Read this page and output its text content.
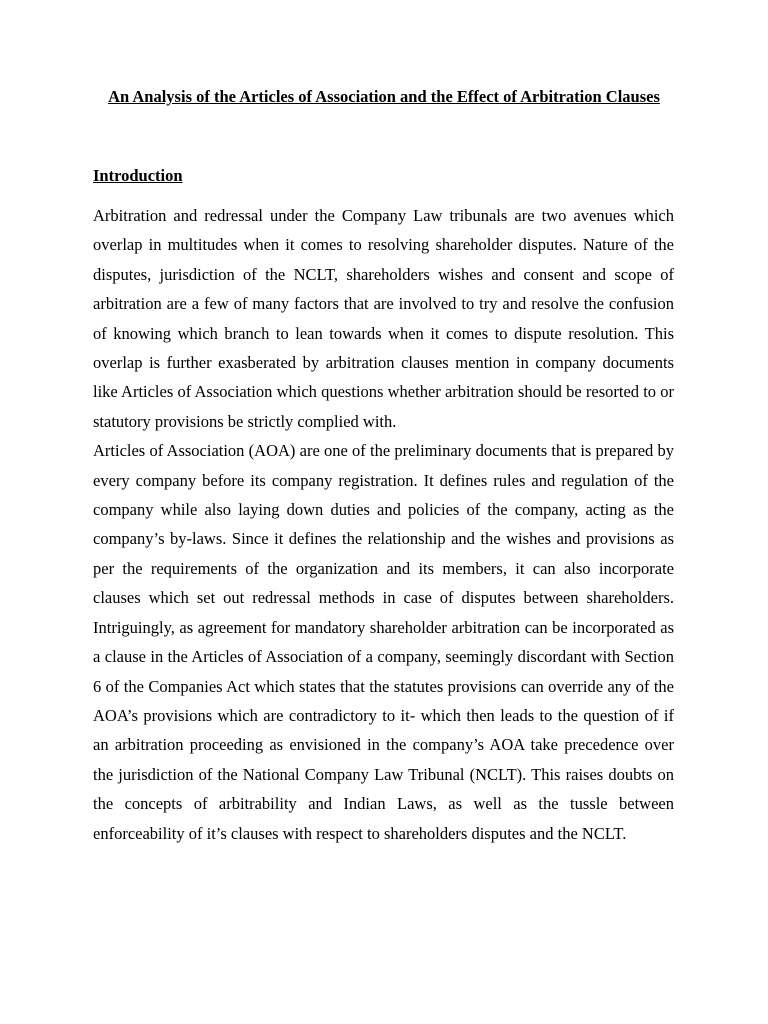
An Analysis of the Articles of Association and the Effect of Arbitration Clauses
Introduction

Arbitration and redressal under the Company Law tribunals are two avenues which overlap in multitudes when it comes to resolving shareholder disputes. Nature of the disputes, jurisdiction of the NCLT, shareholders wishes and consent and scope of arbitration are a few of many factors that are involved to try and resolve the confusion of knowing which branch to lean towards when it comes to dispute resolution. This overlap is further exasberated by arbitration clauses mention in company documents like Articles of Association which questions whether arbitration should be resorted to or statutory provisions be strictly complied with.

Articles of Association (AOA) are one of the preliminary documents that is prepared by every company before its company registration. It defines rules and regulation of the company while also laying down duties and policies of the company, acting as the company’s by-laws. Since it defines the relationship and the wishes and provisions as per the requirements of the organization and its members, it can also incorporate clauses which set out redressal methods in case of disputes between shareholders. Intriguingly, as agreement for mandatory shareholder arbitration can be incorporated as a clause in the Articles of Association of a company, seemingly discordant with Section 6 of the Companies Act which states that the statutes provisions can override any of the AOA’s provisions which are contradictory to it- which then leads to the question of if an arbitration proceeding as envisioned in the company’s AOA take precedence over the jurisdiction of the National Company Law Tribunal (NCLT). This raises doubts on the concepts of arbitrability and Indian Laws, as well as the tussle between enforceability of it’s clauses with respect to shareholders disputes and the NCLT.
